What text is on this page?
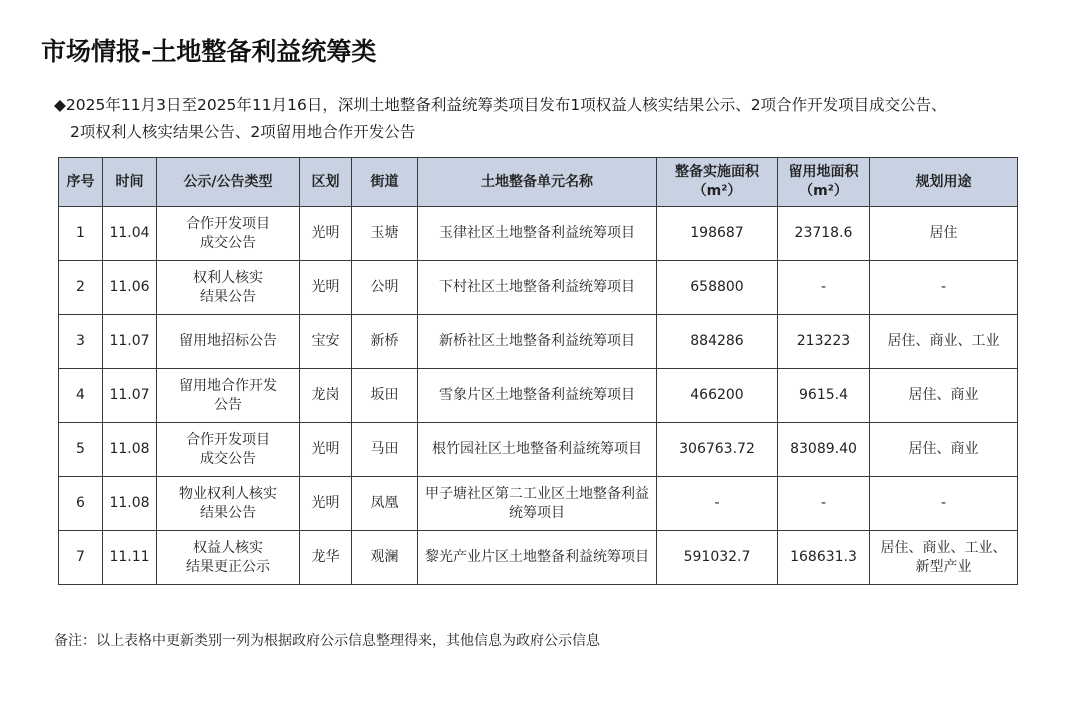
市场情报-土地整备利益统筹类
◆2025年11月3日至2025年11月16日，深圳土地整备利益统筹类项目发布1项权益人核实结果公示、2项合作开发项目成交公告、
2项权利人核实结果公告、2项留用地合作开发公告
序号	时间	公示/公告类型	区划	街道	土地整备单元名称	整备实施面积
（m²）	留用地面积
（m²）	规划用途
1	11.04	合作开发项目
成交公告	光明	玉塘	玉律社区土地整备利益统筹项目	198687	23718.6	居住
2	11.06	权利人核实
结果公告	光明	公明	下村社区土地整备利益统筹项目	658800	-	-
3	11.07	留用地招标公告	宝安	新桥	新桥社区土地整备利益统筹项目	884286	213223	居住、商业、工业
4	11.07	留用地合作开发
公告	龙岗	坂田	雪象片区土地整备利益统筹项目	466200	9615.4	居住、商业
5	11.08	合作开发项目
成交公告	光明	马田	根竹园社区土地整备利益统筹项目	306763.72	83089.40	居住、商业
6	11.08	物业权利人核实
结果公告	光明	凤凰	甲子塘社区第二工业区土地整备利益
统筹项目	-	-	-
7	11.11	权益人核实
结果更正公示	龙华	观澜	黎光产业片区土地整备利益统筹项目	591032.7	168631.3	居住、商业、工业、
新型产业
备注：以上表格中更新类别一列为根据政府公示信息整理得来，其他信息为政府公示信息
